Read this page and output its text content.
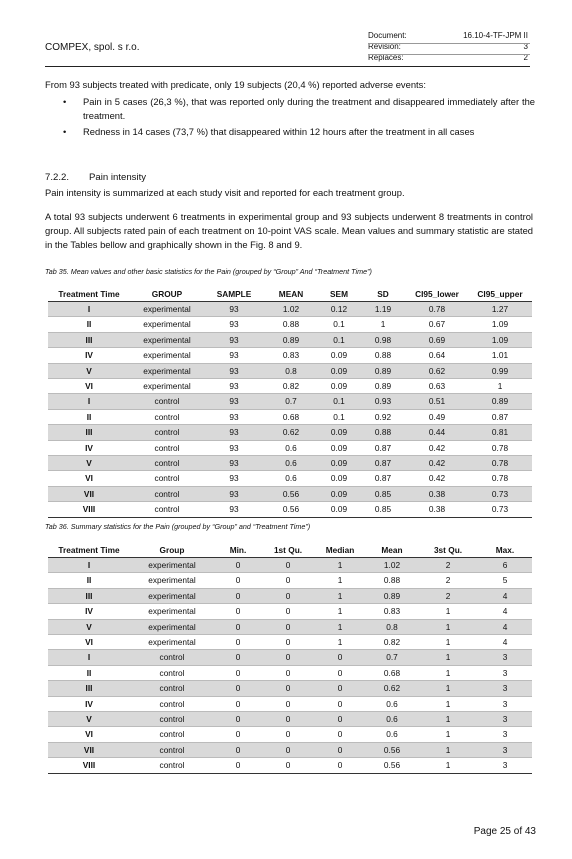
COMPEX, spol. s r.o.
Document:	16.10-4-TF-JPM II
Revision:	3
Replaces:	2
From 93 subjects treated with predicate, only 19 subjects (20,4 %) reported adverse events:
• Pain in 5 cases (26,3 %), that was reported only during the treatment and disappeared immediately after the treatment.
• Redness in 14 cases (73,7 %) that disappeared within 12 hours after the treatment in all cases
7.2.2. Pain intensity
Pain intensity is summarized at each study visit and reported for each treatment group.
A total 93 subjects underwent 6 treatments in experimental group and 93 subjects underwent 8 treatments in control group. All subjects rated pain of each treatment on 10-point VAS scale. Mean values and summary statistic are stated in the Tables bellow and graphically shown in the Fig. 8 and 9.
Tab 35. Mean values and other basic statistics for the Pain (grouped by “Group” And “Treatment Time”)
Treatment Time	GROUP	SAMPLE	MEAN	SEM	SD	CI95_lower	CI95_upper
I	experimental	93	1.02	0.12	1.19	0.78	1.27
II	experimental	93	0.88	0.1	1	0.67	1.09
III	experimental	93	0.89	0.1	0.98	0.69	1.09
IV	experimental	93	0.83	0.09	0.88	0.64	1.01
V	experimental	93	0.8	0.09	0.89	0.62	0.99
VI	experimental	93	0.82	0.09	0.89	0.63	1
I	control	93	0.7	0.1	0.93	0.51	0.89
II	control	93	0.68	0.1	0.92	0.49	0.87
III	control	93	0.62	0.09	0.88	0.44	0.81
IV	control	93	0.6	0.09	0.87	0.42	0.78
V	control	93	0.6	0.09	0.87	0.42	0.78
VI	control	93	0.6	0.09	0.87	0.42	0.78
VII	control	93	0.56	0.09	0.85	0.38	0.73
VIII	control	93	0.56	0.09	0.85	0.38	0.73
Tab 36. Summary statistics for the Pain (grouped by “Group” and “Treatment Time”)
Treatment Time	Group	Min.	1st Qu.	Median	Mean	3st Qu.	Max.
I	experimental	0	0	1	1.02	2	6
II	experimental	0	0	1	0.88	2	5
III	experimental	0	0	1	0.89	2	4
IV	experimental	0	0	1	0.83	1	4
V	experimental	0	0	1	0.8	1	4
VI	experimental	0	0	1	0.82	1	4
I	control	0	0	0	0.7	1	3
II	control	0	0	0	0.68	1	3
III	control	0	0	0	0.62	1	3
IV	control	0	0	0	0.6	1	3
V	control	0	0	0	0.6	1	3
VI	control	0	0	0	0.6	1	3
VII	control	0	0	0	0.56	1	3
VIII	control	0	0	0	0.56	1	3
Page 25 of 43
